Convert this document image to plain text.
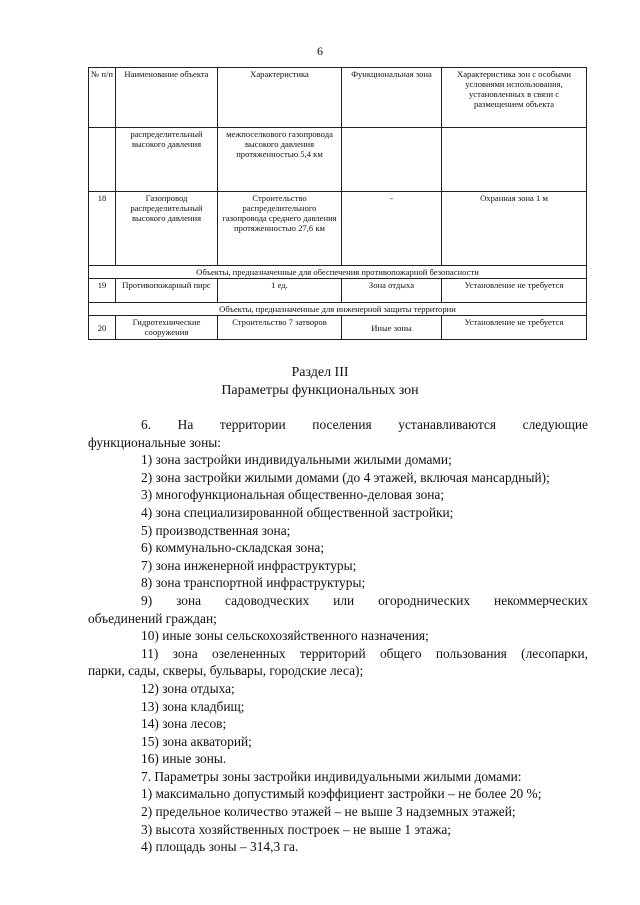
6
№ п/п	Наименование объекта	Характеристика	Функциональная зона	Характеристика зон с особыми условиями использования, установленных в связи с размещением объекта
	распределительный высокого давления	межпоселкового газопровода высокого давления протяженностью 5,4 км		
18	Газопровод распределительный высокого давления	Строительство распределительного газопровода среднего давления протяженностью 27,6 км	-	Охранная зона 1 м
Объекты, предназначенные для обеспечения противопожарной безопасности				
19	Противопожарный пирс	1 ед.	Зона отдыха	Установление не требуется
Объекты, предназначенные для инженерной защиты территории				
20	Гидротехнические сооружения	Строительство 7 затворов	Иные зоны	Установление не требуется
Раздел III
Параметры функциональных зон

6. На территории поселения устанавливаются следующие

функциональные зоны:

1) зона застройки индивидуальными жилыми домами;

2) зона застройки жилыми домами (до 4 этажей, включая мансардный);

3) многофункциональная общественно-деловая зона;

4) зона специализированной общественной застройки;

5) производственная зона;

6) коммунально-складская зона;

7) зона инженерной инфраструктуры;

8) зона транспортной инфраструктуры;

9) зона садоводческих или огороднических некоммерческих

объединений граждан;

10) иные зоны сельскохозяйственного назначения;

11) зона озелененных территорий общего пользования (лесопарки,

парки, сады, скверы, бульвары, городские леса);

12) зона отдыха;

13) зона кладбищ;

14) зона лесов;

15) зона акваторий;

16) иные зоны.

7. Параметры зоны застройки индивидуальными жилыми домами:

1) максимально допустимый коэффициент застройки – не более 20 %;

2) предельное количество этажей – не выше 3 надземных этажей;

3) высота хозяйственных построек – не выше 1 этажа;

4) площадь зоны – 314,3 га.
